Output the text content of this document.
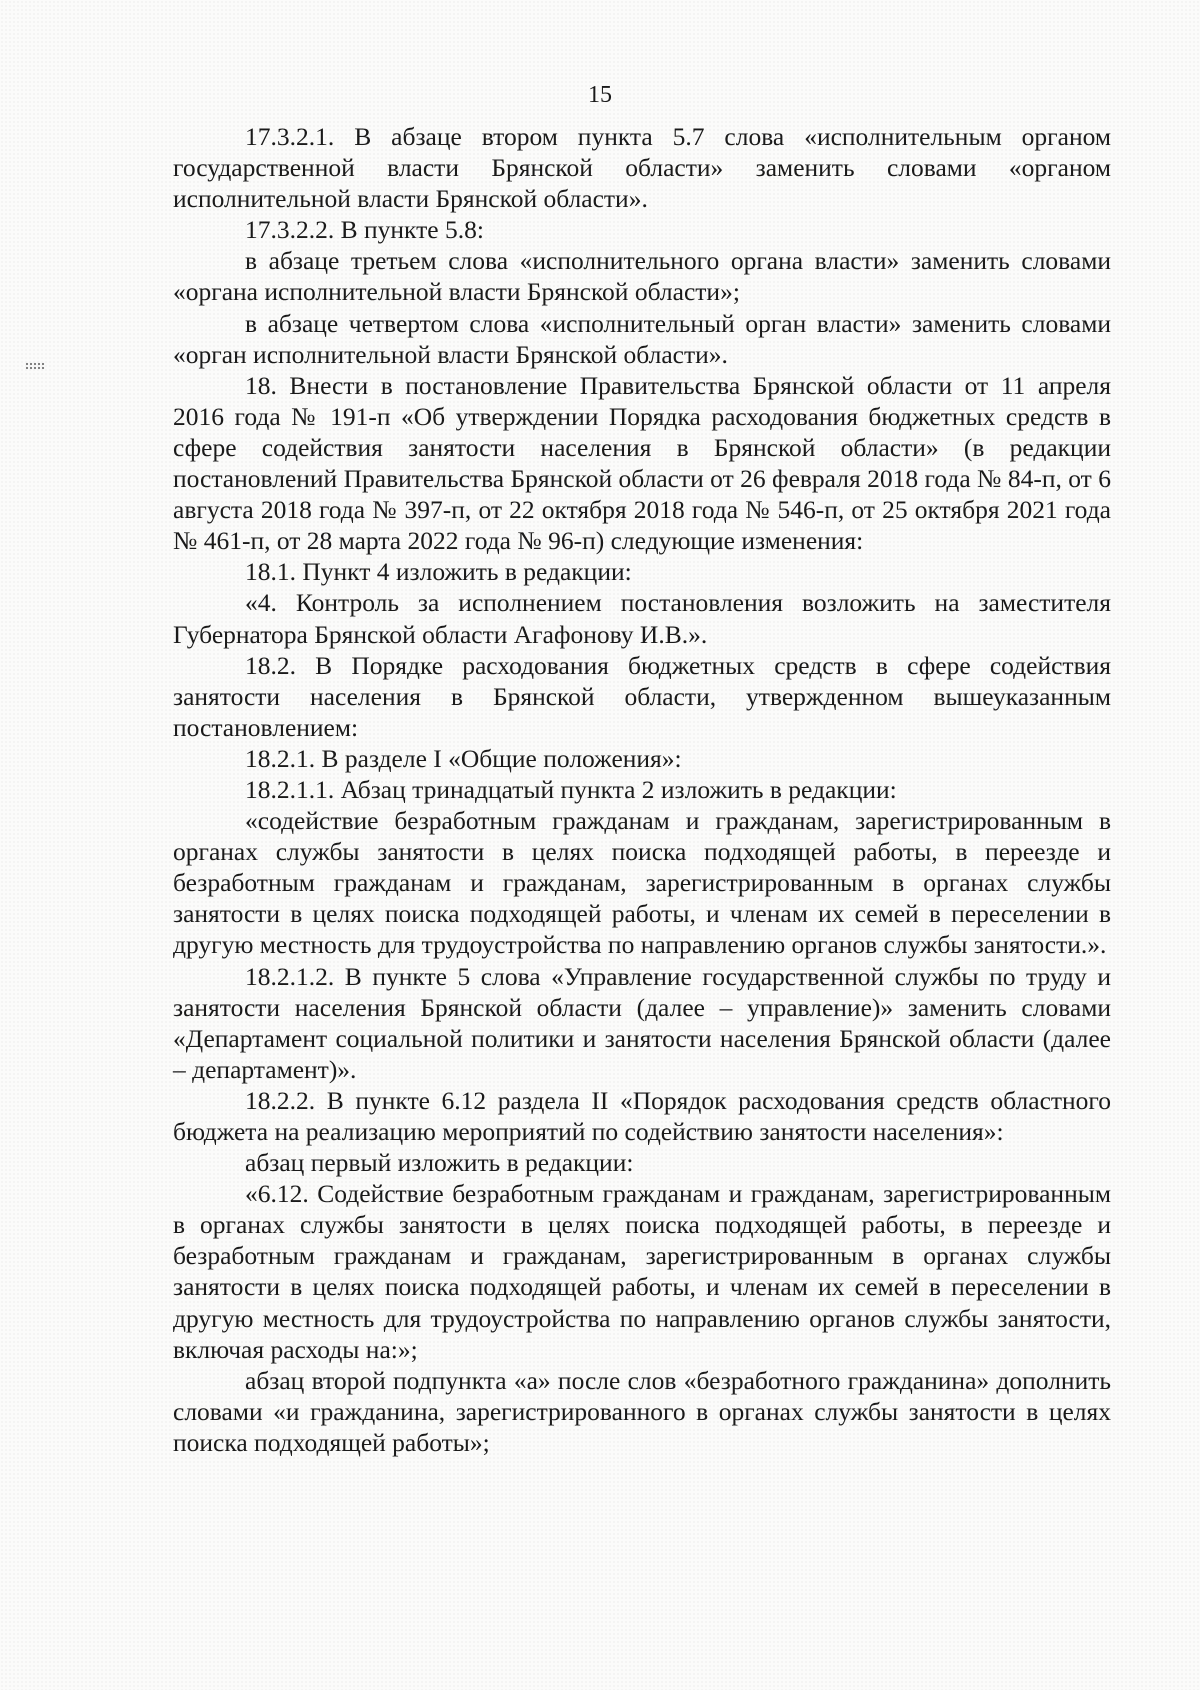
15

17.3.2.1. В абзаце втором пункта 5.7 слова «исполнительным органом государственной власти Брянской области» заменить словами «органом исполнительной власти Брянской области».

17.3.2.2. В пункте 5.8:

в абзаце третьем слова «исполнительного органа власти» заменить словами «органа исполнительной власти Брянской области»;

в абзаце четвертом слова «исполнительный орган власти» заменить словами «орган исполнительной власти Брянской области».

18. Внести в постановление Правительства Брянской области от 11 апреля 2016 года № 191-п «Об утверждении Порядка расходования бюджетных средств в сфере содействия занятости населения в Брянской области» (в редакции постановлений Правительства Брянской области от 26 февраля 2018 года № 84-п, от 6 августа 2018 года № 397-п, от 22 октября 2018 года № 546-п, от 25 октября 2021 года № 461-п, от 28 марта 2022 года № 96-п) следующие изменения:

18.1. Пункт 4 изложить в редакции:

«4. Контроль за исполнением постановления возложить на заместителя Губернатора Брянской области Агафонову И.В.».

18.2. В Порядке расходования бюджетных средств в сфере содействия занятости населения в Брянской области, утвержденном вышеуказанным постановлением:

18.2.1. В разделе I «Общие положения»:

18.2.1.1. Абзац тринадцатый пункта 2 изложить в редакции:

«содействие безработным гражданам и гражданам, зарегистрированным в органах службы занятости в целях поиска подходящей работы, в переезде и безработным гражданам и гражданам, зарегистрированным в органах службы занятости в целях поиска подходящей работы, и членам их семей в переселении в другую местность для трудоустройства по направлению органов службы занятости.».

18.2.1.2. В пункте 5 слова «Управление государственной службы по труду и занятости населения Брянской области (далее – управление)» заменить словами «Департамент социальной политики и занятости населения Брянской области (далее – департамент)».

18.2.2. В пункте 6.12 раздела II «Порядок расходования средств областного бюджета на реализацию мероприятий по содействию занятости населения»:

абзац первый изложить в редакции:

«6.12. Содействие безработным гражданам и гражданам, зарегистрированным в органах службы занятости в целях поиска подходящей работы, в переезде и безработным гражданам и гражданам, зарегистрированным в органах службы занятости в целях поиска подходящей работы, и членам их семей в переселении в другую местность для трудоустройства по направлению органов службы занятости, включая расходы на:»;

абзац второй подпункта «а» после слов «безработного гражданина» дополнить словами «и гражданина, зарегистрированного в органах службы занятости в целях поиска подходящей работы»;
